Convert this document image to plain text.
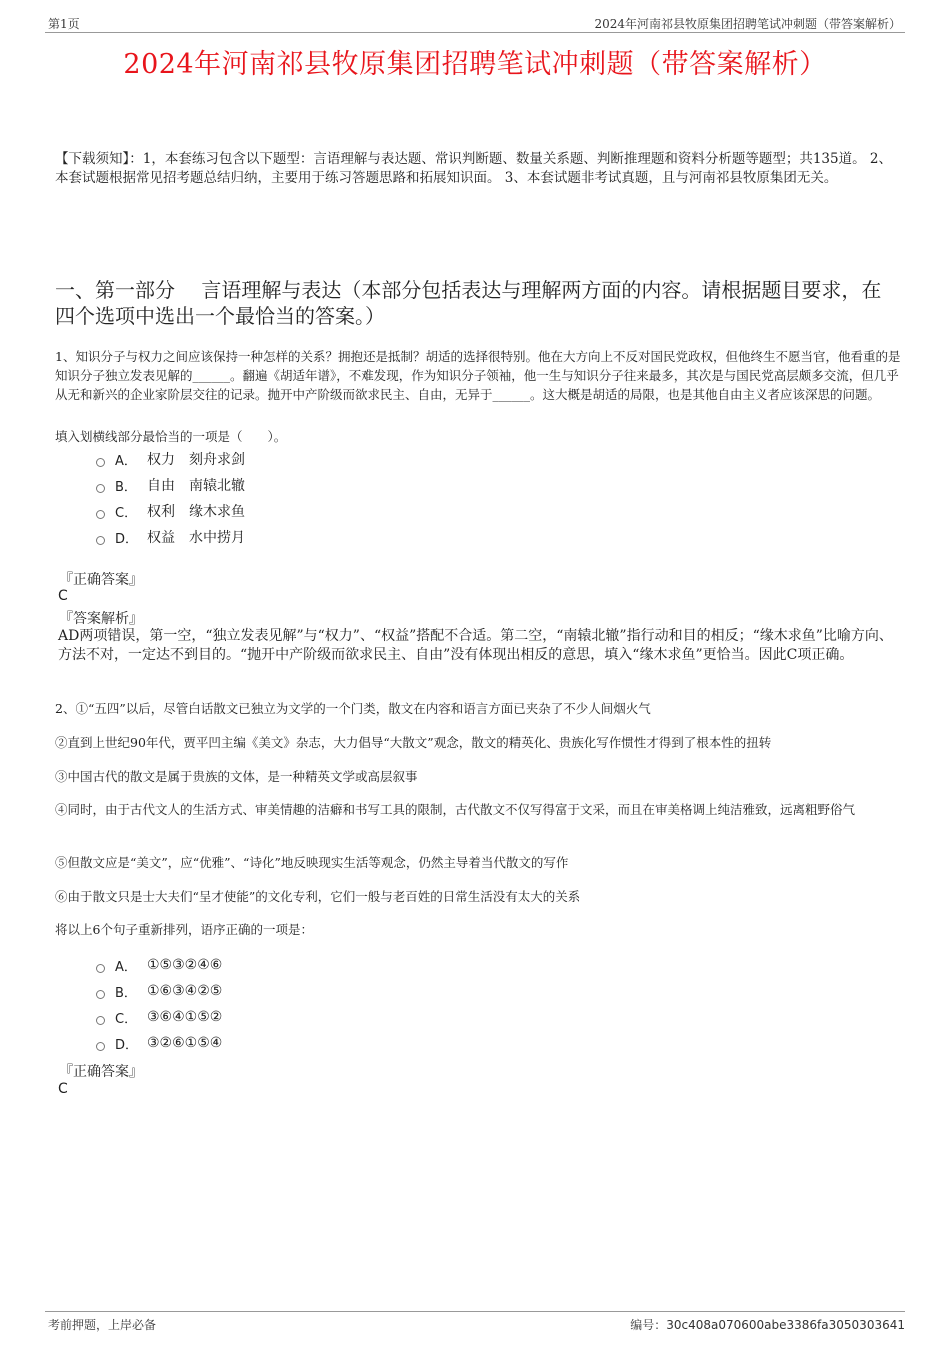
第1页	2024年河南祁县牧原集团招聘笔试冲刺题（带答案解析）
2024年河南祁县牧原集团招聘笔试冲刺题（带答案解析）

【下载须知】：1，本套练习包含以下题型：言语理解与表达题、常识判断题、数量关系题、判断推理题和资料分析题等题型；共135道。 2、本套试题根据常见招考题总结归纳，主要用于练习答题思路和拓展知识面。 3、本套试题非考试真题，且与河南祁县牧原集团无关。

一、第一部分　 言语理解与表达（本部分包括表达与理解两方面的内容。请根据题目要求，在四个选项中选出一个最恰当的答案。）

1、知识分子与权力之间应该保持一种怎样的关系？拥抱还是抵制？胡适的选择很特别。他在大方向上不反对国民党政权，但他终生不愿当官，他看重的是知识分子独立发表见解的______。翻遍《胡适年谱》，不难发现，作为知识分子领袖，他一生与知识分子往来最多，其次是与国民党高层颇多交流，但几乎从无和新兴的企业家阶层交往的记录。抛开中产阶级而欲求民主、自由，无异于______。这大概是胡适的局限，也是其他自由主义者应该深思的问题。

填入划横线部分最恰当的一项是（　　）。

A． 权力　刻舟求剑
B． 自由　南辕北辙
C． 权利　缘木求鱼
D． 权益　水中捞月

『正确答案』

C

『答案解析』

AD两项错误，第一空，“独立发表见解”与“权力”、“权益”搭配不合适。第二空，“南辕北辙”指行动和目的相反；“缘木求鱼”比喻方向、方法不对，一定达不到目的。“抛开中产阶级而欲求民主、自由”没有体现出相反的意思，填入“缘木求鱼”更恰当。因此C项正确。

2、①“五四”以后，尽管白话散文已独立为文学的一个门类，散文在内容和语言方面已夹杂了不少人间烟火气

②直到上世纪90年代，贾平凹主编《美文》杂志，大力倡导“大散文”观念，散文的精英化、贵族化写作惯性才得到了根本性的扭转

③中国古代的散文是属于贵族的文体，是一种精英文学或高层叙事

④同时，由于古代文人的生活方式、审美情趣的洁癖和书写工具的限制，古代散文不仅写得富于文采，而且在审美格调上纯洁雅致，远离粗野俗气

⑤但散文应是“美文”，应“优雅”、“诗化”地反映现实生活等观念，仍然主导着当代散文的写作

⑥由于散文只是士大夫们“呈才使能”的文化专利，它们一般与老百姓的日常生活没有太大的关系

将以上6个句子重新排列，语序正确的一项是：

A． ①⑤③②④⑥
B． ①⑥③④②⑤
C． ③⑥④①⑤②
D． ③②⑥①⑤④

『正确答案』

C

考前押题，上岸必备	编号：30c408a070600abe3386fa3050303641
